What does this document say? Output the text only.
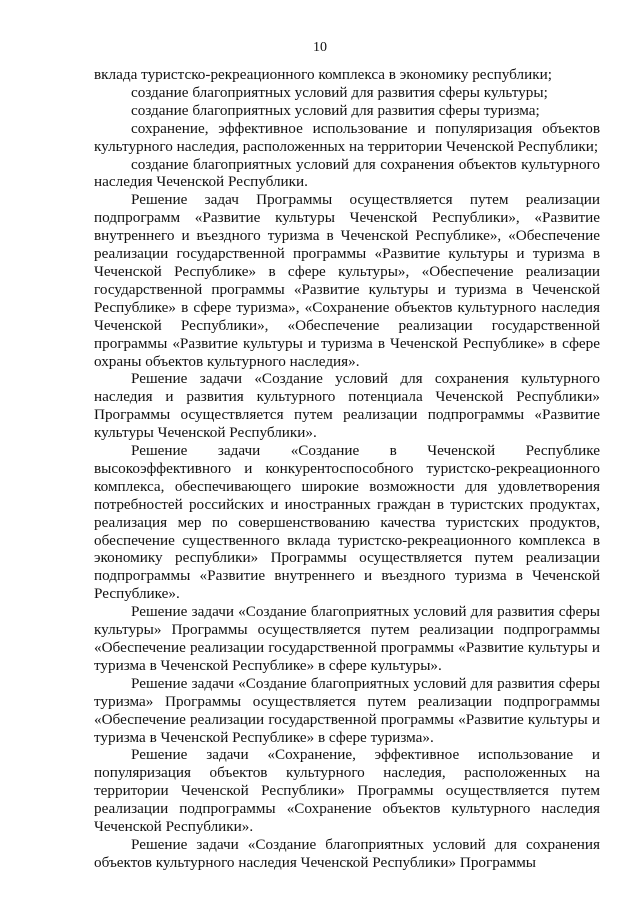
10

вклада туристско-рекреационного комплекса в экономику республики;

создание благоприятных условий для развития сферы культуры;

создание благоприятных условий для развития сферы туризма;

сохранение, эффективное использование и популяризация объектов культурного наследия, расположенных на территории Чеченской Республики;

создание благоприятных условий для сохранения объектов культурного наследия Чеченской Республики.

Решение задач Программы осуществляется путем реализации подпрограмм «Развитие культуры Чеченской Республики», «Развитие внутреннего и въездного туризма в Чеченской Республике», «Обеспечение реализации государственной программы «Развитие культуры и туризма в Чеченской Республике» в сфере культуры», «Обеспечение реализации государственной программы «Развитие культуры и туризма в Чеченской Республике» в сфере туризма», «Сохранение объектов культурного наследия Чеченской Республики», «Обеспечение реализации государственной программы «Развитие культуры и туризма в Чеченской Республике» в сфере охраны объектов культурного наследия».

Решение задачи «Создание условий для сохранения культурного наследия и развития культурного потенциала Чеченской Республики» Программы осуществляется путем реализации подпрограммы «Развитие культуры Чеченской Республики».

Решение задачи «Создание в Чеченской Республике высокоэффективного и конкурентоспособного туристско-рекреационного комплекса, обеспечивающего широкие возможности для удовлетворения потребностей российских и иностранных граждан в туристских продуктах, реализация мер по совершенствованию качества туристских продуктов, обеспечение существенного вклада туристско-рекреационного комплекса в экономику республики» Программы осуществляется путем реализации подпрограммы «Развитие внутреннего и въездного туризма в Чеченской Республике».

Решение задачи «Создание благоприятных условий для развития сферы культуры» Программы осуществляется путем реализации подпрограммы «Обеспечение реализации государственной программы «Развитие культуры и туризма в Чеченской Республике» в сфере культуры».

Решение задачи «Создание благоприятных условий для развития сферы туризма» Программы осуществляется путем реализации подпрограммы «Обеспечение реализации государственной программы «Развитие культуры и туризма в Чеченской Республике» в сфере туризма».

Решение задачи «Сохранение, эффективное использование и популяризация объектов культурного наследия, расположенных на территории Чеченской Республики» Программы осуществляется путем реализации подпрограммы «Сохранение объектов культурного наследия Чеченской Республики».

Решение задачи «Создание благоприятных условий для сохранения объектов культурного наследия Чеченской Республики» Программы
